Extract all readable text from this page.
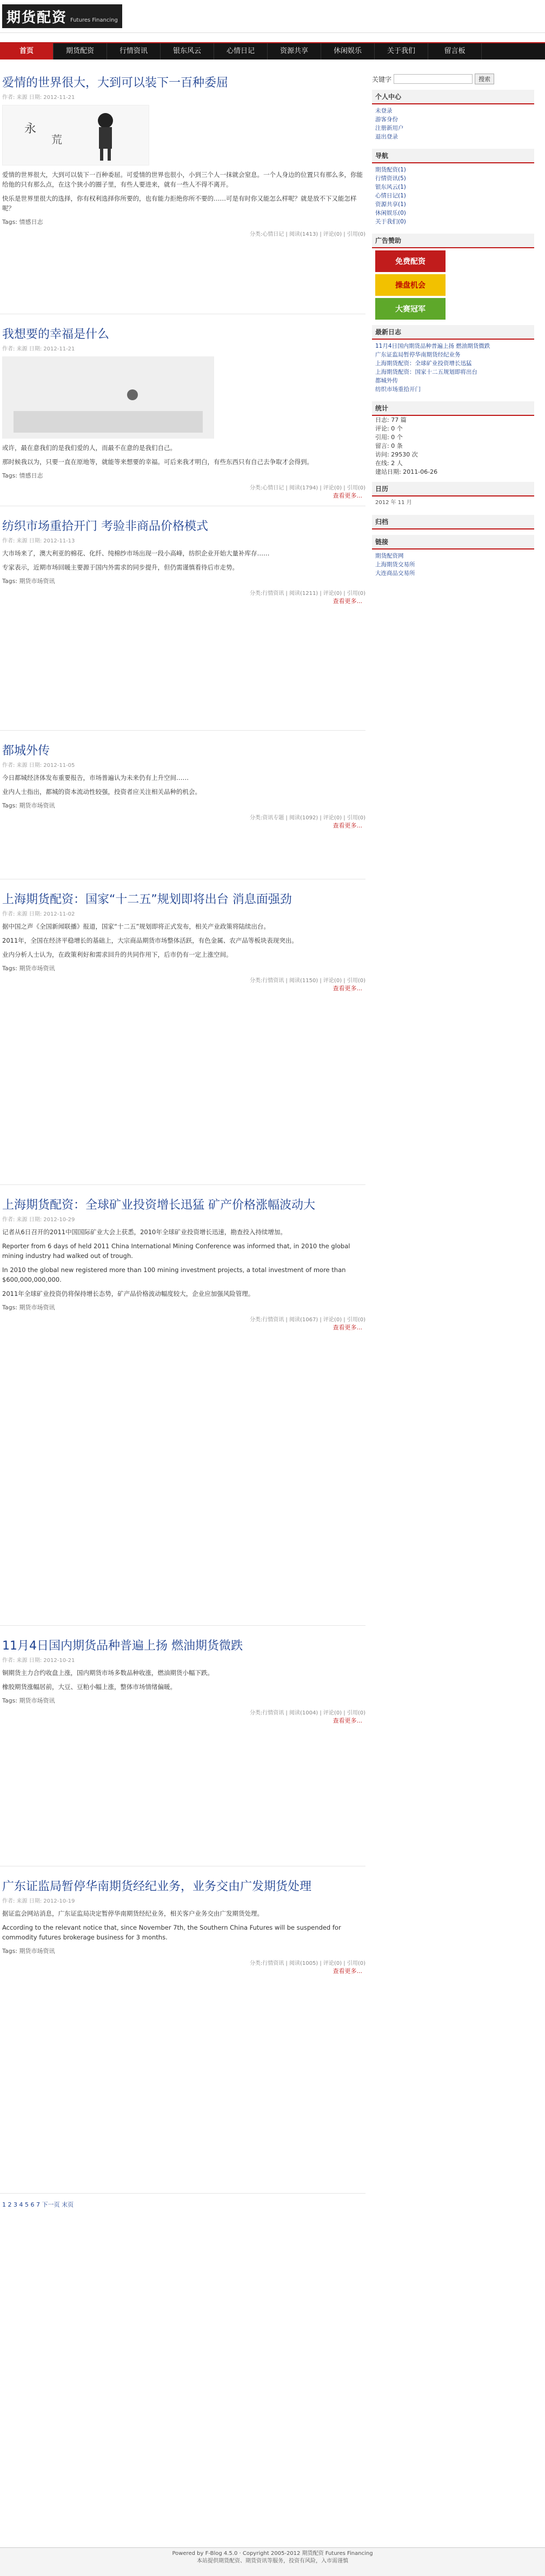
期货配资 Futures Financing
首页	期货配资	行情资讯	银东风云	心情日记	资源共享	休闲娱乐	关于我们	留言板
爱情的世界很大，大到可以装下一百种委屈
作者: 来源 日期: 2012-11-21
永
荒

爱情的世界很大，大到可以装下一百种委屈。可爱情的世界也很小，小到三个人一抹就会窒息。一个人身边的位置只有那么多，你能给他的只有那么点，在这个狭小的圈子里，有些人要进来，就有一些人不得不离开。

快乐是世界里很大的选择，你有权利选择你所要的，也有能力拒绝你所不要的……可是有时你又能怎么样呢？就是放不下又能怎样呢？

Tags: 情感日志
分类:心情日记 | 阅读(1413) | 评论(0) | 引用(0)
我想要的幸福是什么
作者: 来源 日期: 2012-11-21

或许，最在意我们的是我们爱的人，而最不在意的是我们自己。

那时候我以为，只要一直在原地等，就能等来想要的幸福。可后来我才明白，有些东西只有自己去争取才会得到。

Tags: 情感日志
分类:心情日记 | 阅读(1794) | 评论(0) | 引用(0)
查看更多...
纺织市场重拾开门 考验非商品价格模式
作者: 来源 日期: 2012-11-13

大市场来了，澳大利亚的棉花、化纤、纯棉纱市场出现一段小高峰，纺织企业开始大量补库存……

专家表示，近期市场回暖主要源于国内外需求的同步提升，但仍需谨慎看待后市走势。

Tags: 期货市场资讯
分类:行情资讯 | 阅读(1211) | 评论(0) | 引用(0)
查看更多...
都城外传
作者: 来源 日期: 2012-11-05

今日都城经济体发布重要报告，市场普遍认为未来仍有上升空间……

业内人士指出，都城的资本流动性较强，投资者应关注相关品种的机会。

Tags: 期货市场资讯
分类:资讯专题 | 阅读(1092) | 评论(0) | 引用(0)
查看更多...
上海期货配资：国家“十二五”规划即将出台 消息面强劲
作者: 来源 日期: 2012-11-02

据中国之声《全国新闻联播》报道，国家“十二五”规划即将正式发布，相关产业政策将陆续出台。

2011年，全国在经济平稳增长的基础上，大宗商品期货市场整体活跃，有色金属、农产品等板块表现突出。

业内分析人士认为，在政策利好和需求回升的共同作用下，后市仍有一定上涨空间。

Tags: 期货市场资讯
分类:行情资讯 | 阅读(1150) | 评论(0) | 引用(0)
查看更多...
上海期货配资：全球矿业投资增长迅猛 矿产价格涨幅波动大
作者: 来源 日期: 2012-10-29

记者从6日召开的2011中国国际矿业大会上获悉，2010年全球矿业投资增长迅速，勘查投入持续增加。

Reporter from 6 days of held 2011 China International Mining Conference was informed that, in 2010 the global mining industry had walked out of trough.

In 2010 the global new registered more than 100 mining investment projects, a total investment of more than $600,000,000,000.

2011年全球矿业投资仍将保持增长态势，矿产品价格波动幅度较大，企业应加强风险管理。

Tags: 期货市场资讯
分类:行情资讯 | 阅读(1067) | 评论(0) | 引用(0)
查看更多...
11月4日国内期货品种普遍上扬 燃油期货微跌
作者: 来源 日期: 2012-10-21

铜期货主力合约收盘上涨，国内期货市场多数品种收涨，燃油期货小幅下跌。

橡胶期货涨幅居前，大豆、豆粕小幅上涨，整体市场情绪偏暖。

Tags: 期货市场资讯
分类:行情资讯 | 阅读(1004) | 评论(0) | 引用(0)
查看更多...
广东证监局暂停华南期货经纪业务，业务交由广发期货处理
作者: 来源 日期: 2012-10-19

据证监会网站消息，广东证监局决定暂停华南期货经纪业务，相关客户业务交由广发期货处理。

According to the relevant notice that, since November 7th, the Southern China Futures will be suspended for commodity futures brokerage business for 3 months.

Tags: 期货市场资讯
分类:行情资讯 | 阅读(1005) | 评论(0) | 引用(0)
查看更多...
1 2 3 4 5 6 7 下一页 末页
关键字	搜索
个人中心
未登录
游客身份
注册新用户
退出登录
导航
期货配资(1)
行情资讯(5)
银东风云(1)
心情日记(1)
资源共享(1)
休闲娱乐(0)
关于我们(0)
广告赞助
免费配资
操盘机会
大赛冠军
最新日志
11月4日国内期货品种普遍上扬 燃油期货微跌
广东证监局暂停华南期货经纪业务
上海期货配资：全球矿业投资增长迅猛
上海期货配资：国家十二五规划即将出台
都城外传
纺织市场重拾开门
统计
日志: 77 篇
评论: 0 个
引用: 0 个
留言: 0 条
访问: 29530 次
在线: 2 人
建站日期: 2011-06-26
日历
2012 年 11 月
归档
链接
期货配资网
上海期货交易所
大连商品交易所
Powered by F-Blog 4.5.0 · Copyright 2005-2012 期货配资 Futures Financing
本站提供期货配资、期货资讯等服务，投资有风险，入市需谨慎
